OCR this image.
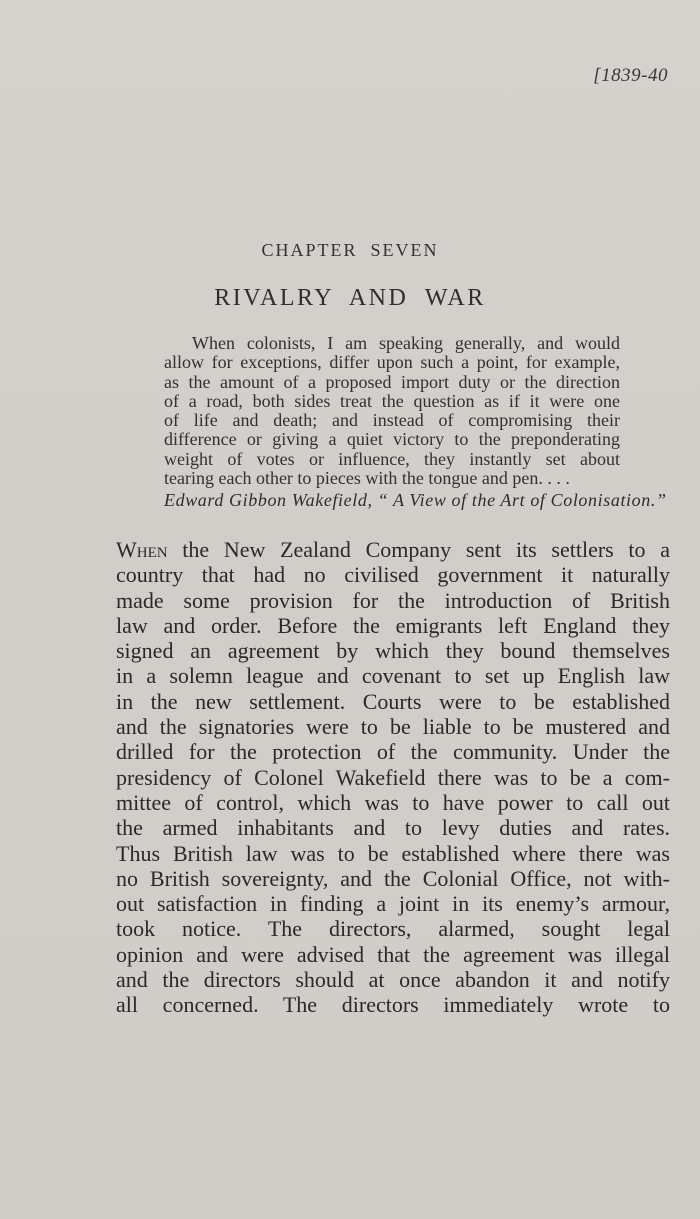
[1839-40
CHAPTER  SEVEN
RIVALRY  AND  WAR
When colonists, I am speaking generally, and would
allow for exceptions, differ upon such a point, for example,
as the amount of a proposed import duty or the direction
of a road, both sides treat the question as if it were one
of life and death; and instead of compromising their
difference or giving a quiet victory to the preponderating
weight of votes or influence, they instantly set about
tearing each other to pieces with the tongue and pen. . . .
Edward Gibbon Wakefield, “ A View of the Art of Colonisation.”
When the New Zealand Company sent its settlers to a
country that had no civilised government it naturally
made some provision for the introduction of British
law and order. Before the emigrants left England they
signed an agreement by which they bound themselves
in a solemn league and covenant to set up English law
in the new settlement. Courts were to be established
and the signatories were to be liable to be mustered and
drilled for the protection of the community. Under the
presidency of Colonel Wakefield there was to be a com-
mittee of control, which was to have power to call out
the armed inhabitants and to levy duties and rates.
Thus British law was to be established where there was
no British sovereignty, and the Colonial Office, not with-
out satisfaction in finding a joint in its enemy’s armour,
took notice. The directors, alarmed, sought legal
opinion and were advised that the agreement was illegal
and the directors should at once abandon it and notify
all concerned. The directors immediately wrote to
